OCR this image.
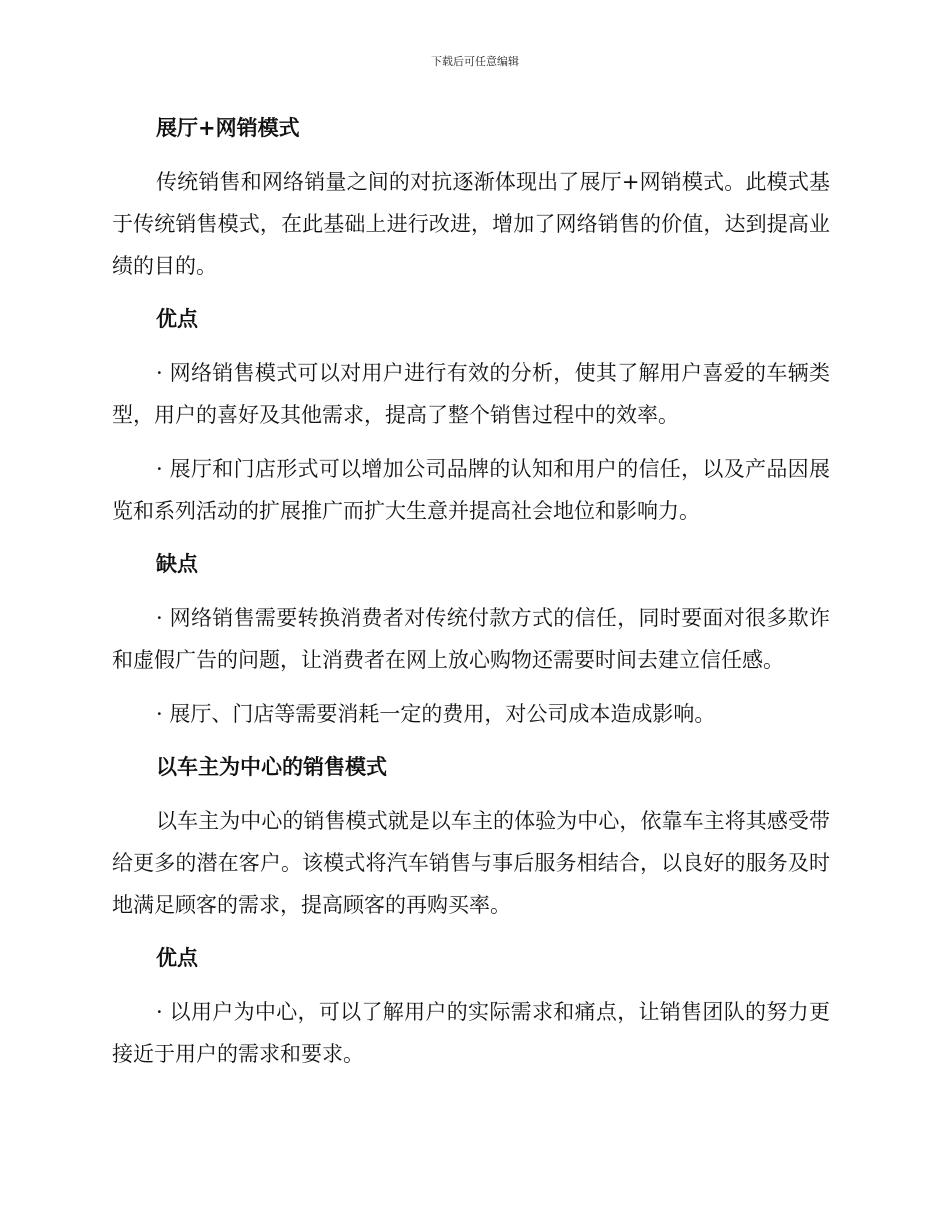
下载后可任意编辑
展厅+网销模式

传统销售和网络销量之间的对抗逐渐体现出了展厅+网销模式。此模式基于传统销售模式，在此基础上进行改进，增加了网络销售的价值，达到提高业绩的目的。

优点

· 网络销售模式可以对用户进行有效的分析，使其了解用户喜爱的车辆类型，用户的喜好及其他需求，提高了整个销售过程中的效率。

· 展厅和门店形式可以增加公司品牌的认知和用户的信任，以及产品因展览和系列活动的扩展推广而扩大生意并提高社会地位和影响力。

缺点

· 网络销售需要转换消费者对传统付款方式的信任，同时要面对很多欺诈和虚假广告的问题，让消费者在网上放心购物还需要时间去建立信任感。

· 展厅、门店等需要消耗一定的费用，对公司成本造成影响。

以车主为中心的销售模式

以车主为中心的销售模式就是以车主的体验为中心，依靠车主将其感受带给更多的潜在客户。该模式将汽车销售与事后服务相结合，以良好的服务及时地满足顾客的需求，提高顾客的再购买率。

优点

· 以用户为中心，可以了解用户的实际需求和痛点，让销售团队的努力更接近于用户的需求和要求。
